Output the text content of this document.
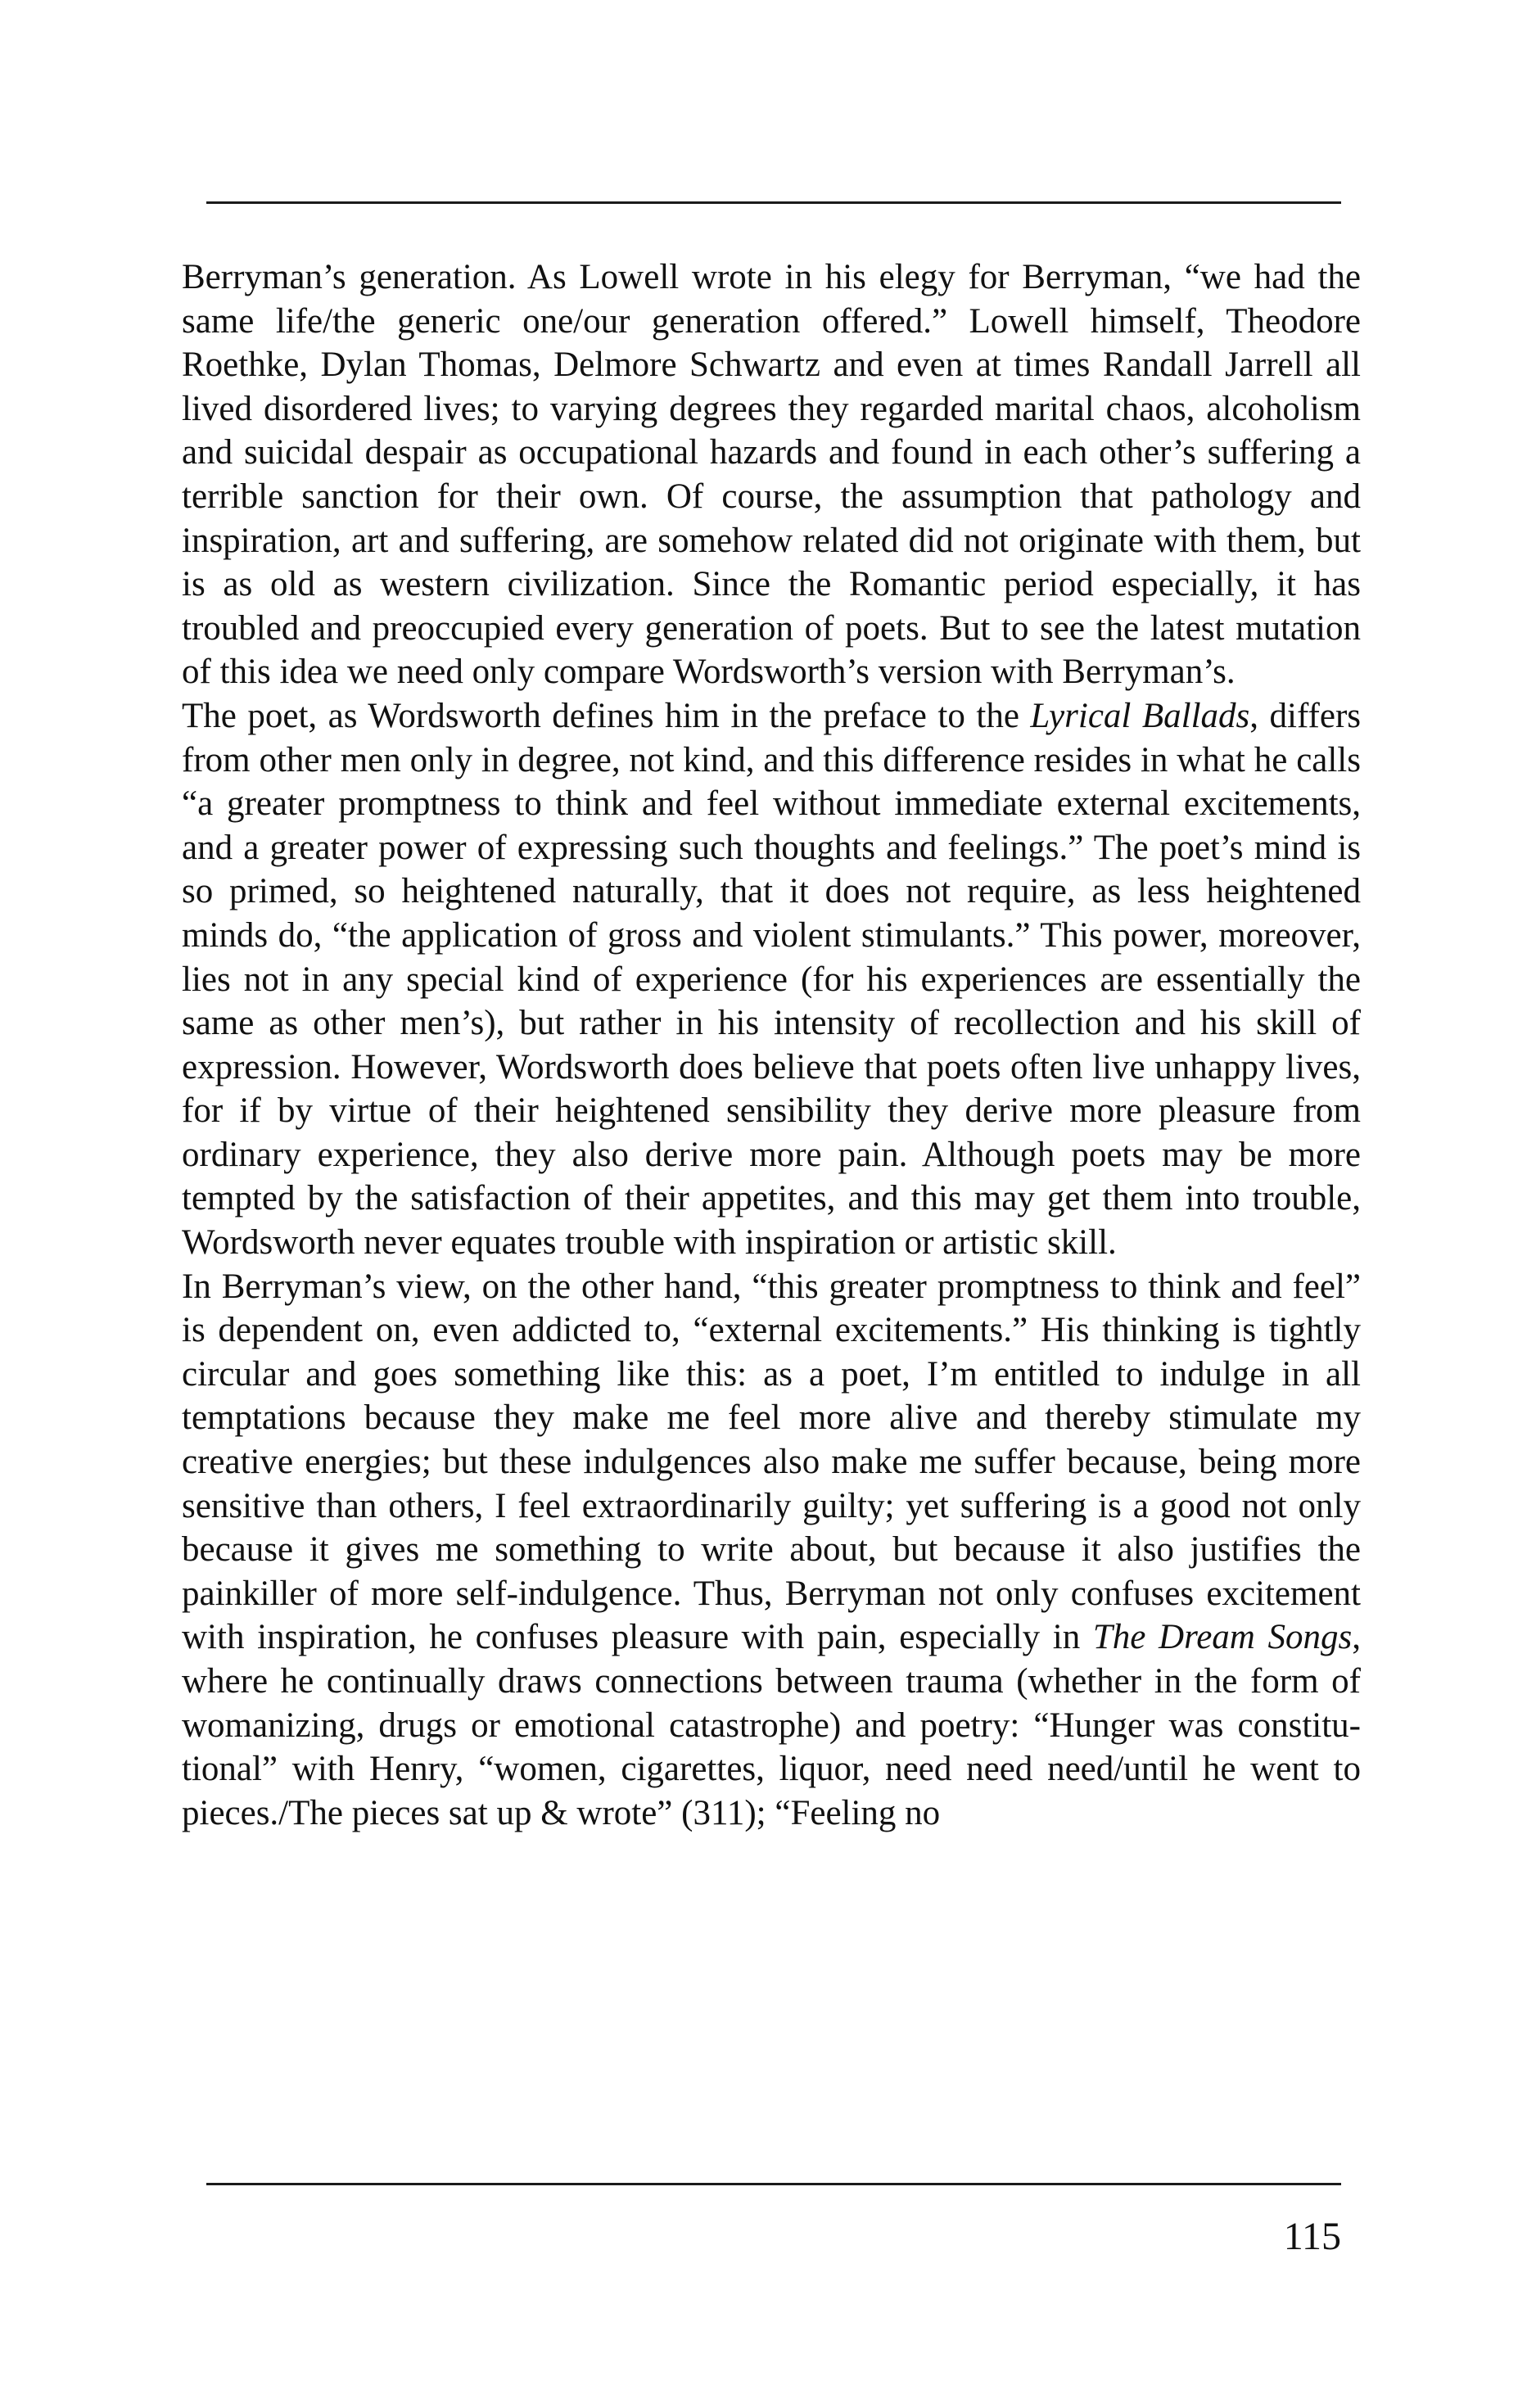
Berryman’s generation. As Lowell wrote in his elegy for Berryman, “we had the same life/the generic one/our generation offered.” Lowell himself, Theodore Roethke, Dylan Thomas, Delmore Schwartz and even at times Randall Jarrell all lived disordered lives; to varying degrees they regarded marital chaos, alcoholism and suicidal despair as occupational hazards and found in each other’s suffering a terrible sanction for their own. Of course, the assumption that pathology and inspiration, art and suffering, are somehow related did not originate with them, but is as old as western civilization. Since the Romantic period especially, it has troubled and preoccupied every generation of poets. But to see the latest mutation of this idea we need only compare Wordsworth’s version with Berryman’s.

The poet, as Wordsworth defines him in the preface to the Lyrical Ballads, differs from other men only in degree, not kind, and this difference resides in what he calls “a greater promptness to think and feel without immediate external excitements, and a greater power of expressing such thoughts and feelings.” The poet’s mind is so primed, so heightened naturally, that it does not require, as less heightened minds do, “the application of gross and violent stimulants.” This power, moreover, lies not in any special kind of experience (for his experiences are essentially the same as other men’s), but rather in his intensity of recollection and his skill of expression. However, Wordsworth does believe that poets often live unhappy lives, for if by virtue of their heightened sensibility they derive more pleasure from ordinary experience, they also derive more pain. Although poets may be more tempted by the satisfaction of their appetites, and this may get them into trouble, Wordsworth never equates trouble with inspiration or artistic skill.

In Berryman’s view, on the other hand, “this greater promptness to think and feel” is dependent on, even addicted to, “external excitements.” His thinking is tightly circular and goes something like this: as a poet, I’m entitled to indulge in all temptations because they make me feel more alive and thereby stimulate my creative energies; but these indulgences also make me suffer because, being more sensitive than others, I feel extraordinarily guilty; yet suffering is a good not only because it gives me something to write about, but because it also justifies the painkiller of more self-indulgence. Thus, Berryman not only confuses excitement with inspiration, he confuses pleasure with pain, especially in The Dream Songs, where he continually draws connections between trauma (whether in the form of womanizing, drugs or emotional catastrophe) and poetry: “Hunger was constitutional” with Henry, “women, cigarettes, liquor, need need need/until he went to pieces./The pieces sat up & wrote” (311); “Feeling no

115
